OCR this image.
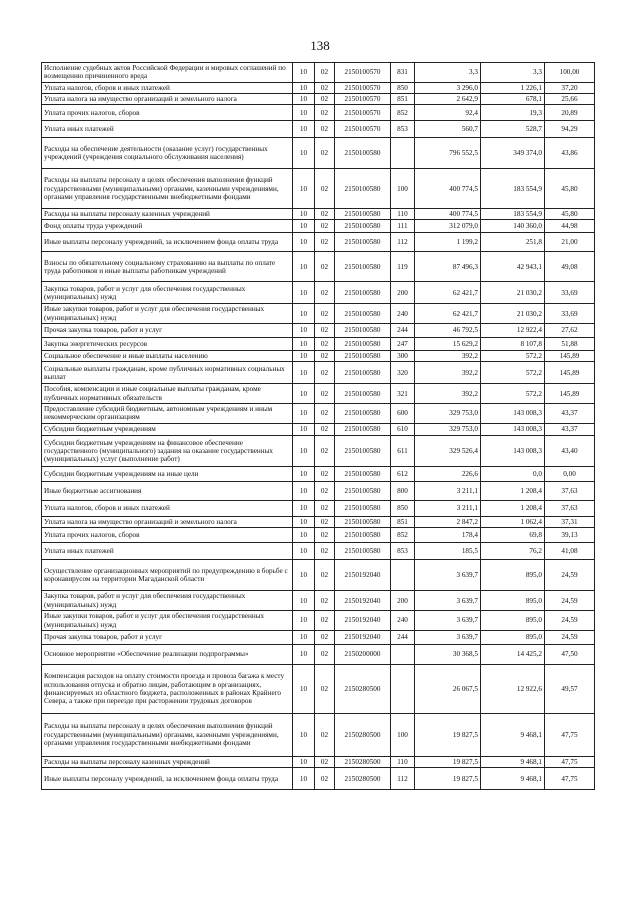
138
Исполнение судебных актов Российской Федерации и мировых соглашений по возмещению причиненного вреда	10	02	2150100570	831	3,3	3,3	100,00
Уплата налогов, сборов и иных платежей	10	02	2150100570	850	3 296,0	1 226,1	37,20
Уплата налога на имущество организаций и земельного налога	10	02	2150100570	851	2 642,9	678,1	25,66
Уплата прочих налогов, сборов	10	02	2150100570	852	92,4	19,3	20,89
Уплата иных платежей	10	02	2150100570	853	560,7	528,7	94,29
Расходы на обеспечение деятельности (оказание услуг) государственных учреждений (учреждения социального обслуживания населения)	10	02	2150100580		796 552,5	349 374,0	43,86
Расходы на выплаты персоналу в целях обеспечения выполнения функций государственными (муниципальными) органами, казенными учреждениями, органами управления государственными внебюджетными фондами	10	02	2150100580	100	400 774,5	183 554,9	45,80
Расходы на выплаты персоналу казенных учреждений	10	02	2150100580	110	400 774,5	183 554,9	45,80
Фонд оплаты труда учреждений	10	02	2150100580	111	312 079,0	140 360,0	44,98
Иные выплаты персоналу учреждений, за исключением фонда оплаты труда	10	02	2150100580	112	1 199,2	251,8	21,00
Взносы по обязательному социальному страхованию на выплаты по оплате труда работников и иные выплаты работникам учреждений	10	02	2150100580	119	87 496,3	42 943,1	49,08
Закупка товаров, работ и услуг для обеспечения государственных (муниципальных) нужд	10	02	2150100580	200	62 421,7	21 030,2	33,69
Иные закупки товаров, работ и услуг для обеспечения государственных (муниципальных) нужд	10	02	2150100580	240	62 421,7	21 030,2	33,69
Прочая закупка товаров, работ и услуг	10	02	2150100580	244	46 792,5	12 922,4	27,62
Закупка энергетических ресурсов	10	02	2150100580	247	15 629,2	8 107,8	51,88
Социальное обеспечение и иные выплаты населению	10	02	2150100580	300	392,2	572,2	145,89
Социальные выплаты гражданам, кроме публичных нормативных социальных выплат	10	02	2150100580	320	392,2	572,2	145,89
Пособия, компенсации и иные социальные выплаты гражданам, кроме публичных нормативных обязательств	10	02	2150100580	321	392,2	572,2	145,89
Предоставление субсидий бюджетным, автономным учреждениям и иным некоммерческим организациям	10	02	2150100580	600	329 753,0	143 008,3	43,37
Субсидии бюджетным учреждениям	10	02	2150100580	610	329 753,0	143 008,3	43,37
Субсидии бюджетным учреждениям на финансовое обеспечение государственного (муниципального) задания на оказание государственных (муниципальных) услуг (выполнение работ)	10	02	2150100580	611	329 526,4	143 008,3	43,40
Субсидии бюджетным учреждениям на иные цели	10	02	2150100580	612	226,6	0,0	0,00
Иные бюджетные ассигнования	10	02	2150100580	800	3 211,1	1 208,4	37,63
Уплата налогов, сборов и иных платежей	10	02	2150100580	850	3 211,1	1 208,4	37,63
Уплата налога на имущество организаций и земельного налога	10	02	2150100580	851	2 847,2	1 062,4	37,31
Уплата прочих налогов, сборов	10	02	2150100580	852	178,4	69,8	39,13
Уплата иных платежей	10	02	2150100580	853	185,5	76,2	41,08
Осуществление организационных мероприятий по предупреждению в борьбе с коронавирусом на территории Магаданской области	10	02	2150192040		3 639,7	895,0	24,59
Закупка товаров, работ и услуг для обеспечения государственных (муниципальных) нужд	10	02	2150192040	200	3 639,7	895,0	24,59
Иные закупки товаров, работ и услуг для обеспечения государственных (муниципальных) нужд	10	02	2150192040	240	3 639,7	895,0	24,59
Прочая закупка товаров, работ и услуг	10	02	2150192040	244	3 639,7	895,0	24,59
Основное мероприятие «Обеспечение реализации подпрограммы»	10	02	2150200000		30 368,5	14 425,2	47,50
Компенсация расходов на оплату стоимости проезда и провоза багажа к месту использования отпуска и обратно лицам, работающим в организациях, финансируемых из областного бюджета, расположенных в районах Крайнего Севера, а также при переезде при расторжении трудовых договоров	10	02	2150280500		26 067,5	12 922,6	49,57
Расходы на выплаты персоналу в целях обеспечения выполнения функций государственными (муниципальными) органами, казенными учреждениями, органами управления государственными внебюджетными фондами	10	02	2150280500	100	19 827,5	9 468,1	47,75
Расходы на выплаты персоналу казенных учреждений	10	02	2150280500	110	19 827,5	9 468,1	47,75
Иные выплаты персоналу учреждений, за исключением фонда оплаты труда	10	02	2150280500	112	19 827,5	9 468,1	47,75
